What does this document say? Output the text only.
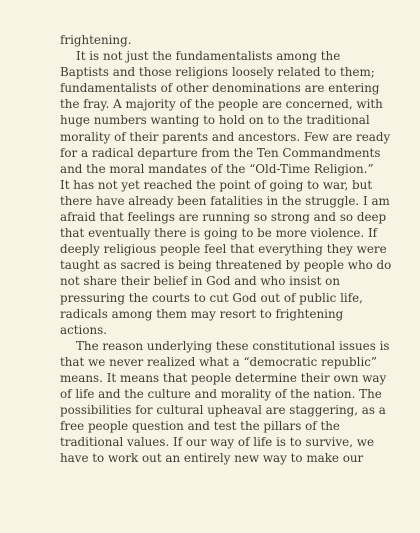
frightening.
It is not just the fundamentalists among the
Baptists and those religions loosely related to them;
fundamentalists of other denominations are entering
the fray. A majority of the people are concerned, with
huge numbers wanting to hold on to the traditional
morality of their parents and ancestors. Few are ready
for a radical departure from the Ten Commandments
and the moral mandates of the “Old-Time Religion.”
It has not yet reached the point of going to war, but
there have already been fatalities in the struggle. I am
afraid that feelings are running so strong and so deep
that eventually there is going to be more violence. If
deeply religious people feel that everything they were
taught as sacred is being threatened by people who do
not share their belief in God and who insist on
pressuring the courts to cut God out of public life,
radicals among them may resort to frightening
actions.
The reason underlying these constitutional issues is
that we never realized what a “democratic republic”
means. It means that people determine their own way
of life and the culture and morality of the nation. The
possibilities for cultural upheaval are staggering, as a
free people question and test the pillars of the
traditional values. If our way of life is to survive, we
have to work out an entirely new way to make our
